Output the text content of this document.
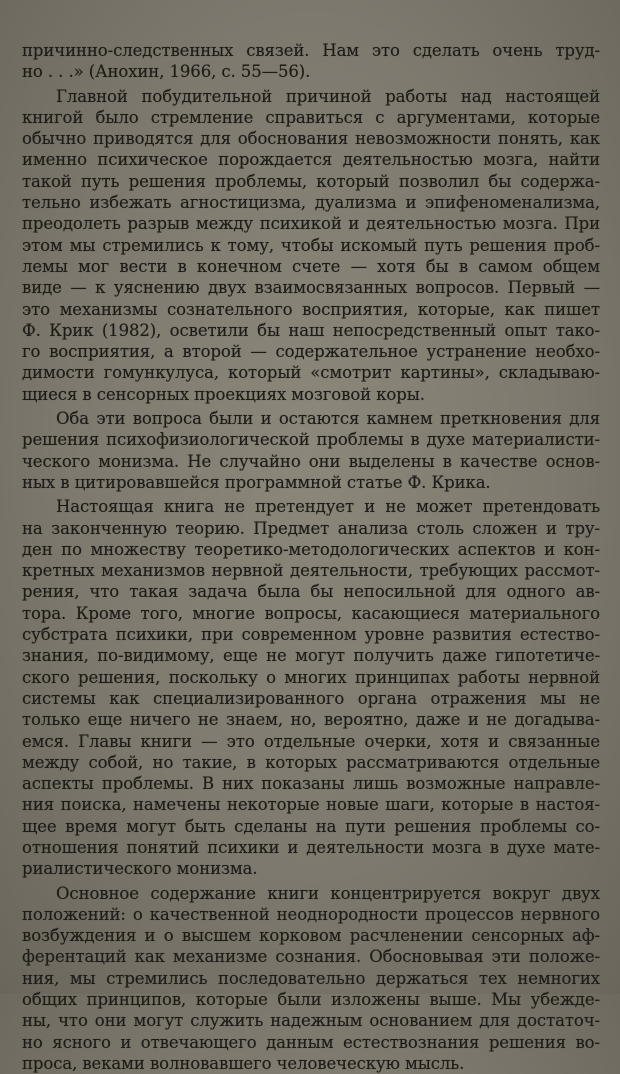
причинно-следственных связей. Нам это сделать очень труд-
но . . .» (Анохин, 1966, с. 55—56).
Главной побудительной причиной работы над настоящей
книгой было стремление справиться с аргументами, которые
обычно приводятся для обоснования невозможности понять, как
именно психическое порождается деятельностью мозга, найти
такой путь решения проблемы, который позволил бы содержа-
тельно избежать агностицизма, дуализма и эпифеноменализма,
преодолеть разрыв между психикой и деятельностью мозга. При
этом мы стремились к тому, чтобы искомый путь решения проб-
лемы мог вести в конечном счете — хотя бы в самом общем
виде — к уяснению двух взаимосвязанных вопросов. Первый —
это механизмы сознательного восприятия, которые, как пишет
Ф. Крик (1982), осветили бы наш непосредственный опыт тако-
го восприятия, а второй — содержательное устранение необхо-
димости гомункулуса, который «смотрит картины», складываю-
щиеся в сенсорных проекциях мозговой коры.
Оба эти вопроса были и остаются камнем преткновения для
решения психофизиологической проблемы в духе материалисти-
ческого монизма. Не случайно они выделены в качестве основ-
ных в цитировавшейся программной статье Ф. Крика.
Настоящая книга не претендует и не может претендовать
на законченную теорию. Предмет анализа столь сложен и тру-
ден по множеству теоретико-методологических аспектов и кон-
кретных механизмов нервной деятельности, требующих рассмот-
рения, что такая задача была бы непосильной для одного ав-
тора. Кроме того, многие вопросы, касающиеся материального
субстрата психики, при современном уровне развития естество-
знания, по-видимому, еще не могут получить даже гипотетиче-
ского решения, поскольку о многих принципах работы нервной
системы как специализированного органа отражения мы не
только еще ничего не знаем, но, вероятно, даже и не догадыва-
емся. Главы книги — это отдельные очерки, хотя и связанные
между собой, но такие, в которых рассматриваются отдельные
аспекты проблемы. В них показаны лишь возможные направле-
ния поиска, намечены некоторые новые шаги, которые в настоя-
щее время могут быть сделаны на пути решения проблемы со-
отношения понятий психики и деятельности мозга в духе мате-
риалистического монизма.
Основное содержание книги концентрируется вокруг двух
положений: о качественной неоднородности процессов нервного
возбуждения и о высшем корковом расчленении сенсорных аф-
ферентаций как механизме сознания. Обосновывая эти положе-
ния, мы стремились последовательно держаться тех немногих
общих принципов, которые были изложены выше. Мы убежде-
ны, что они могут служить надежным основанием для достаточ-
но ясного и отвечающего данным естествознания решения во-
проса, веками волновавшего человеческую мысль.
